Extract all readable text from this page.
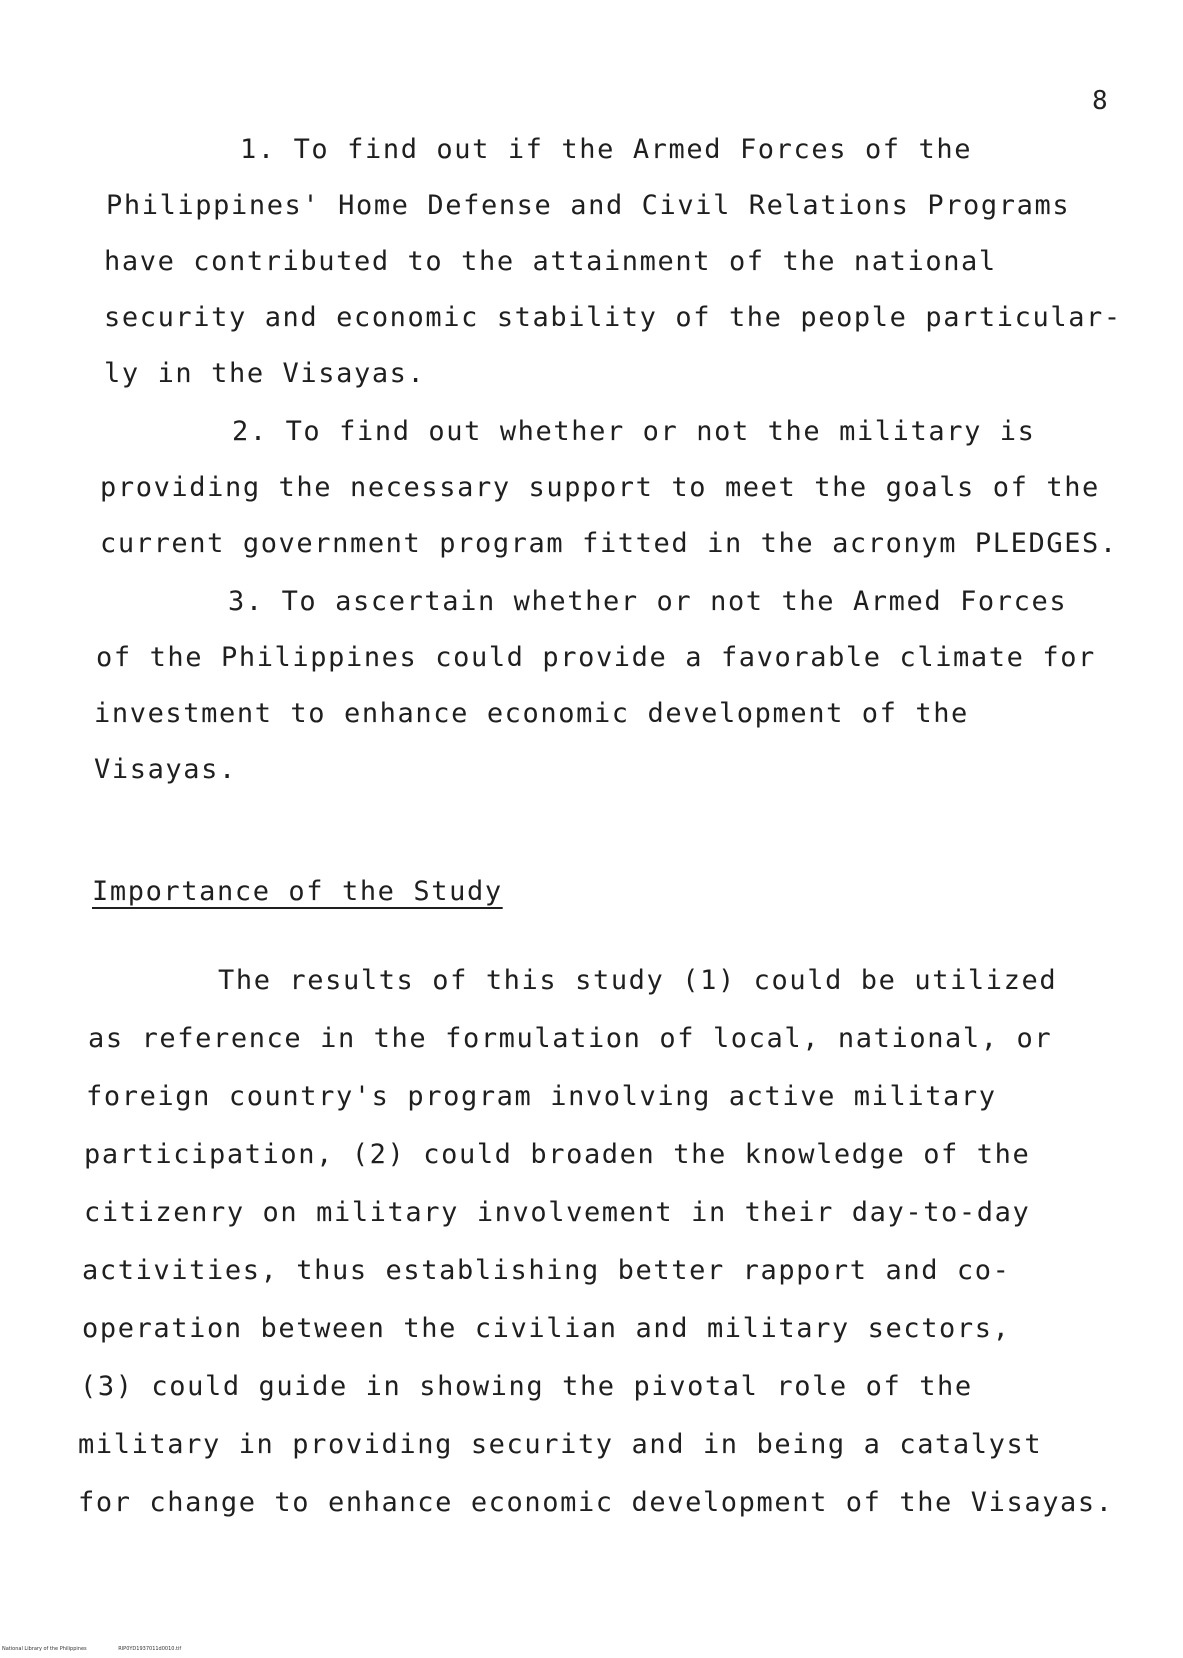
8
1. To find out if the Armed Forces of the
Philippines' Home Defense and Civil Relations Programs
have contributed to the attainment of the national
security and economic stability of the people particular-
ly in the Visayas.
2. To find out whether or not the military is
providing the necessary support to meet the goals of the
current government program fitted in the acronym PLEDGES.
3. To ascertain whether or not the Armed Forces
of the Philippines could provide a favorable climate for
investment to enhance economic development of the
Visayas.
Importance of the Study
The results of this study (1) could be utilized
as reference in the formulation of local, national, or
foreign country's program involving active military
participation, (2) could broaden the knowledge of the
citizenry on military involvement in their day-to-day
activities, thus establishing better rapport and co-
operation between the civilian and military sectors,
(3) could guide in showing the pivotal role of the
military in providing security and in being a catalyst
for change to enhance economic development of the Visayas.
National Library of the Philippines	RIP0YD1937011d0010.tif
